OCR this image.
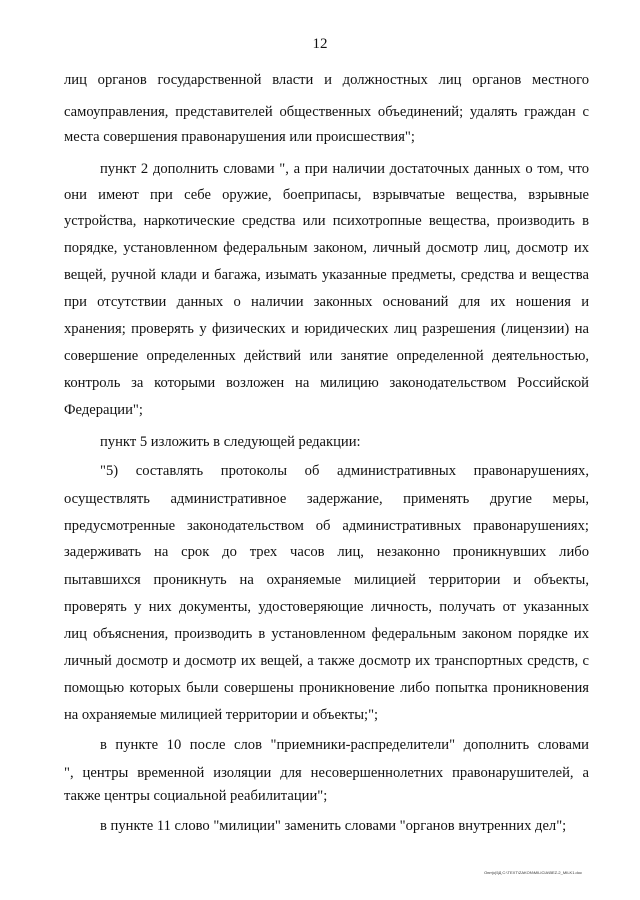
12
лиц органов государственной власти и должностных лиц органов местного
самоуправления, представителей общественных объединений; удалять граждан с
места совершения правонарушения или происшествия";
пункт 2 дополнить словами ", а при наличии достаточных данных о том, что
они имеют при себе оружие, боеприпасы, взрывчатые вещества, взрывные
устройства, наркотические средства или психотропные вещества, производить в
порядке, установленном федеральным законом, личный досмотр лиц, досмотр их
вещей, ручной клади и багажа, изымать указанные предметы, средства и вещества
при отсутствии данных о наличии законных оснований для их ношения и
хранения; проверять у физических и юридических лиц разрешения (лицензии) на
совершение определенных действий или занятие определенной деятельностью,
контроль за которыми возложен на милицию законодательством Российской
Федерации";
пункт 5 изложить в следующей редакции:
"5) составлять протоколы об административных правонарушениях,
осуществлять административное задержание, применять другие меры,
предусмотренные законодательством об административных правонарушениях;
задерживать на срок до трех часов лиц, незаконно проникнувших либо
пытавшихся проникнуть на охраняемые милицией территории и объекты,
проверять у них документы, удостоверяющие личность, получать от указанных
лиц объяснения, производить в установленном федеральным законом порядке их
личный досмотр и досмотр их вещей, а также досмотр их транспортных средств, с
помощью которых были совершены проникновение либо попытка проникновения
на охраняемые милицией территории и объекты;";
в пункте 10 после слов "приемники-распределители" дополнить словами
", центры временной изоляции для несовершеннолетних правонарушителей, а
также центры социальной реабилитации";
в пункте 11 слово "милиции" заменить словами "органов внутренних дел";
Оют(к)5Д C:\TEXT\ZAKON\MILICIA\BEZ-2_MILK1.doc
